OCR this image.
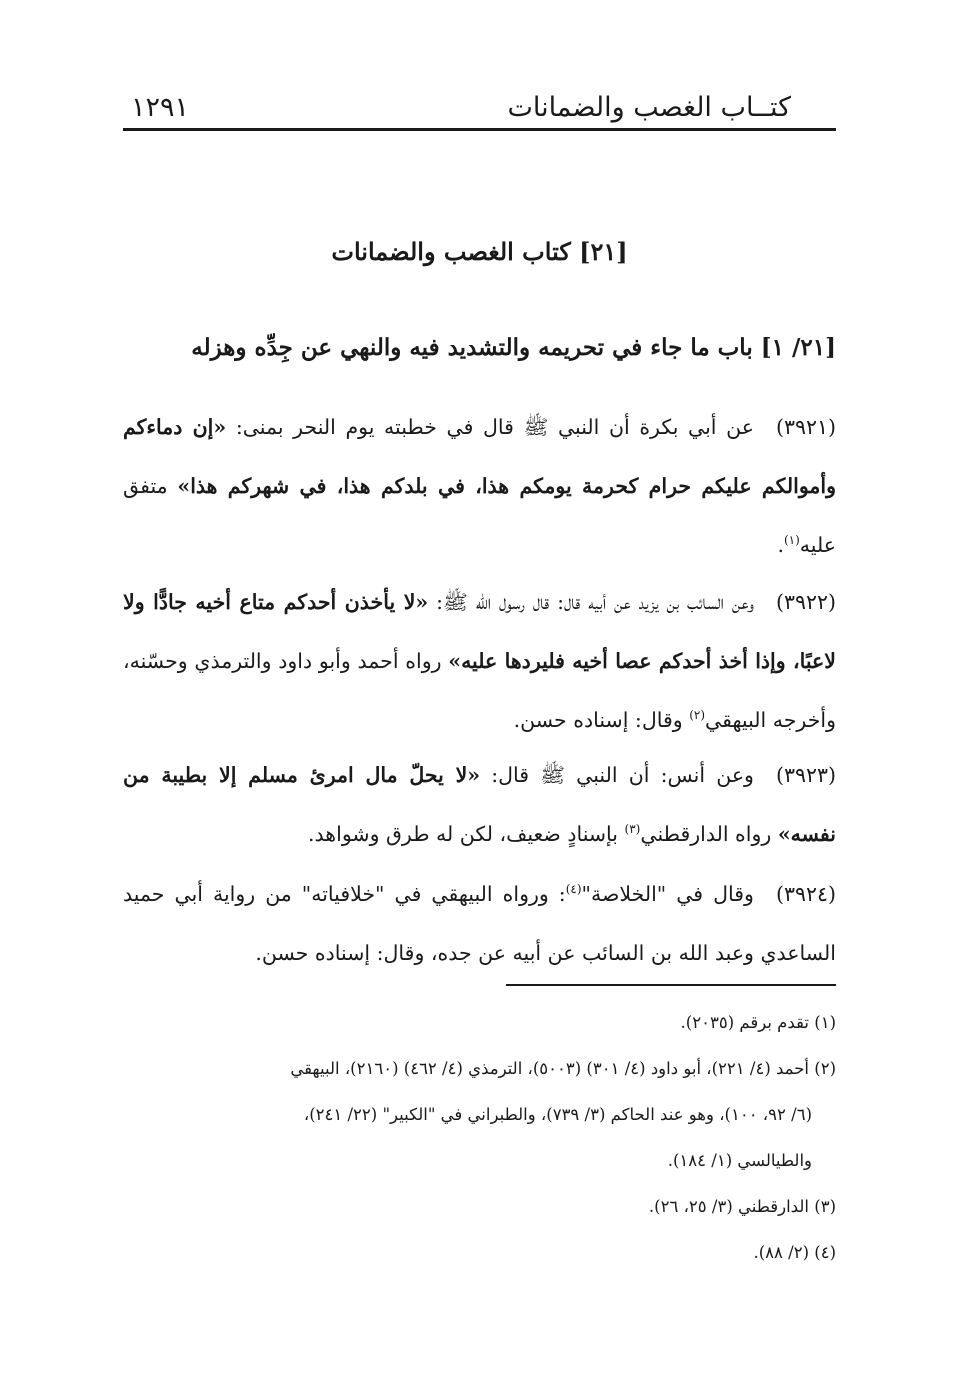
كتــاب الغصب والضمانات
١٢٩١
[٢١] كتاب الغصب والضمانات
[٢١/ ١] باب ما جاء في تحريمه والتشديد فيه والنهي عن جِدِّه وهزله
(٣٩٢١)عن أبي بكرة أن النبي ﷺ قال في خطبته يوم النحر بمنى: «إن دماءكم وأموالكم عليكم حرام كحرمة يومكم هذا، في بلدكم هذا، في شهركم هذا» متفق عليه$^{(١)}$.
(٣٩٢٢)وعن السائب بن يزيد عن أبيه قال: قال رسول الله ﷺ: «لا يأخذن أحدكم متاع أخيه جادًّا ولا لاعبًا، وإذا أخذ أحدكم عصا أخيه فليردها عليه» رواه أحمد وأبو داود والترمذي وحسّنه، وأخرجه البيهقي$^{(٢)}$ وقال: إسناده حسن.
(٣٩٢٣)وعن أنس: أن النبي ﷺ قال: «لا يحلّ مال امرئ مسلم إلا بطيبة من نفسه» رواه الدارقطني$^{(٣)}$ بإسنادٍ ضعيف، لكن له طرق وشواهد.
(٣٩٢٤)وقال في "الخلاصة"$^{(٤)}$: ورواه البيهقي في "خلافياته" من رواية أبي حميد الساعدي وعبد الله بن السائب عن أبيه عن جده، وقال: إسناده حسن.

(١) تقدم برقم (٢٠٣٥).

(٢) أحمد (٤/ ٢٢١)، أبو داود (٤/ ٣٠١) (٥٠٠٣)، الترمذي (٤/ ٤٦٢) (٢١٦٠)، البيهقي

(٦/ ٩٢، ١٠٠)، وهو عند الحاكم (٣/ ٧٣٩)، والطبراني في "الكبير" (٢٢/ ٢٤١)،

والطيالسي (١/ ١٨٤).

(٣) الدارقطني (٣/ ٢٥، ٢٦).

(٤) (٢/ ٨٨).
